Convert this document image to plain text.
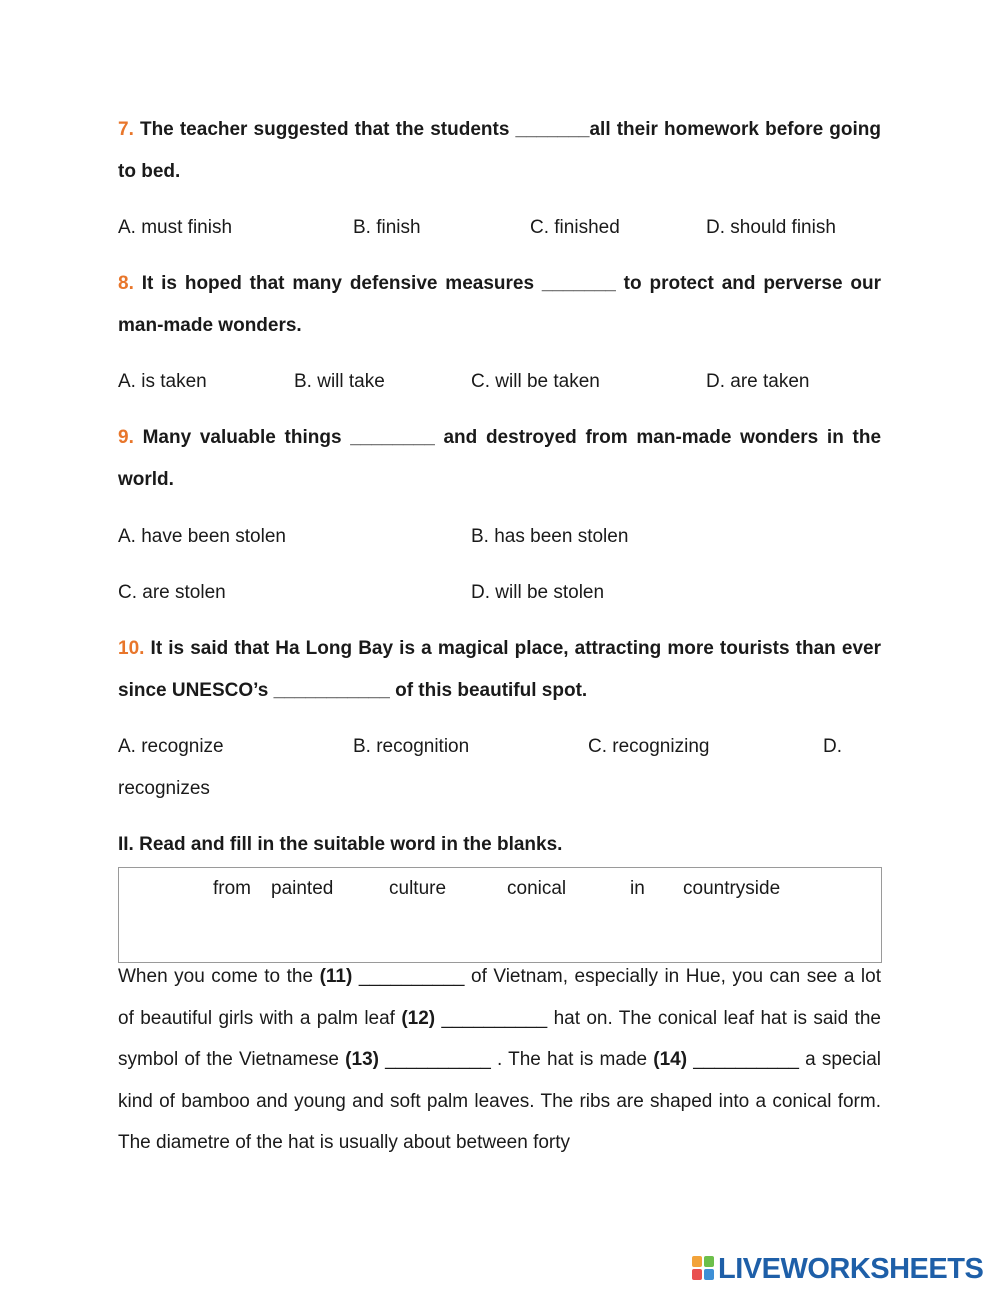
7. The teacher suggested that the students _______all their homework before going to bed.
A. must finish	B. finish	C. finished	D. should finish
8. It is hoped that many defensive measures _______ to protect and perverse our man-made wonders.
A. is taken	B. will take	C. will be taken	D. are taken
9. Many valuable things ________ and destroyed from man-made wonders in the world.
A. have been stolen	B. has been stolen
C. are stolen	D. will be stolen
10. It is said that Ha Long Bay is a magical place, attracting more tourists than ever since UNESCO’s ___________ of this beautiful spot.
A. recognize	B. recognition	C. recognizing	D.
recognizes
II. Read and fill in the suitable word in the blanks.
from painted	culture	conical	in countryside
When you come to the (11) __________ of Vietnam, especially in Hue, you can see a lot of beautiful girls with a palm leaf (12) __________ hat on. The conical leaf hat is said the symbol of the Vietnamese (13) __________ . The hat is made (14) __________ a special kind of bamboo and young and soft palm leaves. The ribs are shaped into a conical form. The diametre of the hat is usually about between forty
LIVEWORKSHEETS
